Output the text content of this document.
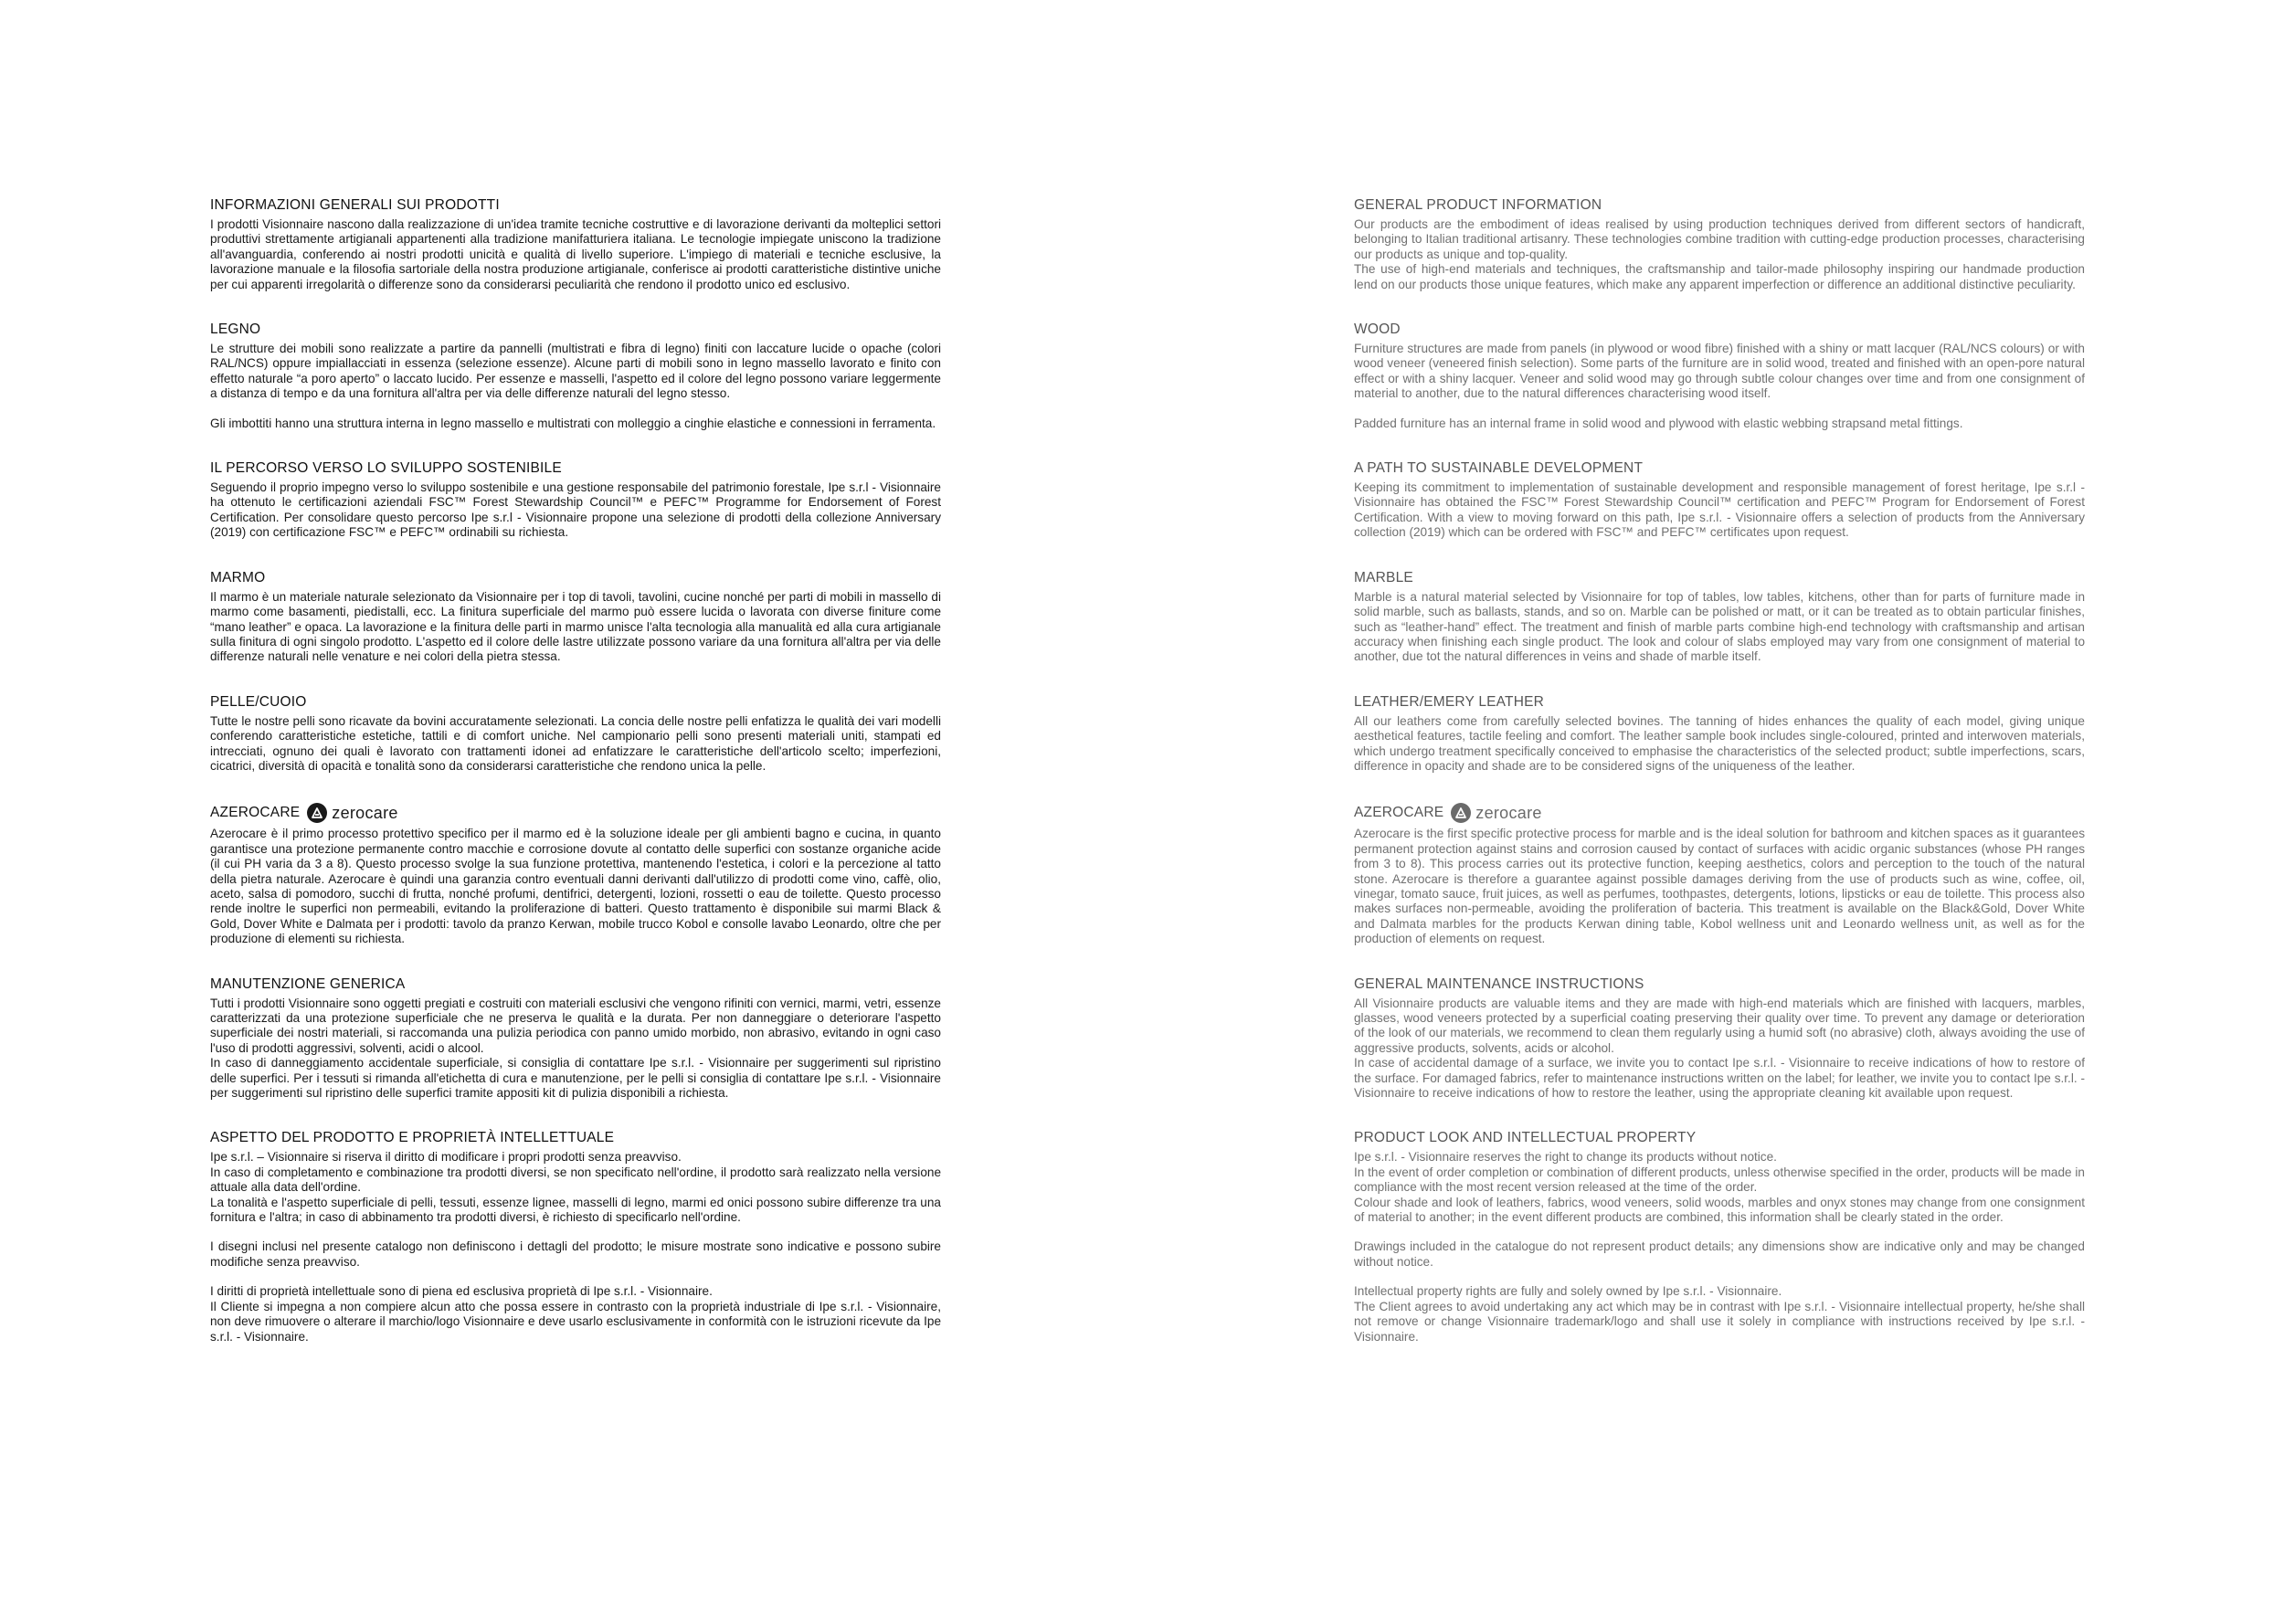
INFORMAZIONI GENERALI SUI PRODOTTI

I prodotti Visionnaire nascono dalla realizzazione di un'idea tramite tecniche costruttive e di lavorazione derivanti da molteplici settori produttivi strettamente artigianali appartenenti alla tradizione manifatturiera italiana. Le tecnologie impiegate uniscono la tradizione all'avanguardia, conferendo ai nostri prodotti unicità e qualità di livello superiore. L'impiego di materiali e tecniche esclusive, la lavorazione manuale e la filosofia sartoriale della nostra produzione artigianale, conferisce ai prodotti caratteristiche distintive uniche per cui apparenti irregolarità o differenze sono da considerarsi peculiarità che rendono il prodotto unico ed esclusivo.

LEGNO

Le strutture dei mobili sono realizzate a partire da pannelli (multistrati e fibra di legno) finiti con laccature lucide o opache (colori RAL/NCS) oppure impiallacciati in essenza (selezione essenze). Alcune parti di mobili sono in legno massello lavorato e finito con effetto naturale “a poro aperto” o laccato lucido. Per essenze e masselli, l'aspetto ed il colore del legno possono variare leggermente a distanza di tempo e da una fornitura all'altra per via delle differenze naturali del legno stesso.

Gli imbottiti hanno una struttura interna in legno massello e multistrati con molleggio a cinghie elastiche e connessioni in ferramenta.

IL PERCORSO VERSO LO SVILUPPO SOSTENIBILE

Seguendo il proprio impegno verso lo sviluppo sostenibile e una gestione responsabile del patrimonio forestale, Ipe s.r.l - Visionnaire ha ottenuto le certificazioni aziendali FSC™ Forest Stewardship Council™ e PEFC™ Programme for Endorsement of Forest Certification. Per consolidare questo percorso Ipe s.r.l - Visionnaire propone una selezione di prodotti della collezione Anniversary (2019) con certificazione FSC™ e PEFC™ ordinabili su richiesta.

MARMO

Il marmo è un materiale naturale selezionato da Visionnaire per i top di tavoli, tavolini, cucine nonché per parti di mobili in massello di marmo come basamenti, piedistalli, ecc. La finitura superficiale del marmo può essere lucida o lavorata con diverse finiture come “mano leather” e opaca. La lavorazione e la finitura delle parti in marmo unisce l'alta tecnologia alla manualità ed alla cura artigianale sulla finitura di ogni singolo prodotto. L'aspetto ed il colore delle lastre utilizzate possono variare da una fornitura all'altra per via delle differenze naturali nelle venature e nei colori della pietra stessa.

PELLE/CUOIO

Tutte le nostre pelli sono ricavate da bovini accuratamente selezionati. La concia delle nostre pelli enfatizza le qualità dei vari modelli conferendo caratteristiche estetiche, tattili e di comfort uniche. Nel campionario pelli sono presenti materiali uniti, stampati ed intrecciati, ognuno dei quali è lavorato con trattamenti idonei ad enfatizzare le caratteristiche dell'articolo scelto; imperfezioni, cicatrici, diversità di opacità e tonalità sono da considerarsi caratteristiche che rendono unica la pelle.

AZEROCARE zerocare

Azerocare è il primo processo protettivo specifico per il marmo ed è la soluzione ideale per gli ambienti bagno e cucina, in quanto garantisce una protezione permanente contro macchie e corrosione dovute al contatto delle superfici con sostanze organiche acide (il cui PH varia da 3 a 8). Questo processo svolge la sua funzione protettiva, mantenendo l'estetica, i colori e la percezione al tatto della pietra naturale. Azerocare è quindi una garanzia contro eventuali danni derivanti dall'utilizzo di prodotti come vino, caffè, olio, aceto, salsa di pomodoro, succhi di frutta, nonché profumi, dentifrici, detergenti, lozioni, rossetti o eau de toilette. Questo processo rende inoltre le superfici non permeabili, evitando la proliferazione di batteri. Questo trattamento è disponibile sui marmi Black & Gold, Dover White e Dalmata per i prodotti: tavolo da pranzo Kerwan, mobile trucco Kobol e consolle lavabo Leonardo, oltre che per produzione di elementi su richiesta.

MANUTENZIONE GENERICA

Tutti i prodotti Visionnaire sono oggetti pregiati e costruiti con materiali esclusivi che vengono rifiniti con vernici, marmi, vetri, essenze caratterizzati da una protezione superficiale che ne preserva le qualità e la durata. Per non danneggiare o deteriorare l'aspetto superficiale dei nostri materiali, si raccomanda una pulizia periodica con panno umido morbido, non abrasivo, evitando in ogni caso l'uso di prodotti aggressivi, solventi, acidi o alcool.
In caso di danneggiamento accidentale superficiale, si consiglia di contattare Ipe s.r.l. - Visionnaire per suggerimenti sul ripristino delle superfici. Per i tessuti si rimanda all'etichetta di cura e manutenzione, per le pelli si consiglia di contattare Ipe s.r.l. - Visionnaire per suggerimenti sul ripristino delle superfici tramite appositi kit di pulizia disponibili a richiesta.

ASPETTO DEL PRODOTTO E PROPRIETÀ INTELLETTUALE

Ipe s.r.l. – Visionnaire si riserva il diritto di modificare i propri prodotti senza preavviso.
In caso di completamento e combinazione tra prodotti diversi, se non specificato nell'ordine, il prodotto sarà realizzato nella versione attuale alla data dell'ordine.
La tonalità e l'aspetto superficiale di pelli, tessuti, essenze lignee, masselli di legno, marmi ed onici possono subire differenze tra una fornitura e l'altra; in caso di abbinamento tra prodotti diversi, è richiesto di specificarlo nell'ordine.

I disegni inclusi nel presente catalogo non definiscono i dettagli del prodotto; le misure mostrate sono indicative e possono subire modifiche senza preavviso.

I diritti di proprietà intellettuale sono di piena ed esclusiva proprietà di Ipe s.r.l. - Visionnaire.
Il Cliente si impegna a non compiere alcun atto che possa essere in contrasto con la proprietà industriale di Ipe s.r.l. - Visionnaire, non deve rimuovere o alterare il marchio/logo Visionnaire e deve usarlo esclusivamente in conformità con le istruzioni ricevute da Ipe s.r.l. - Visionnaire.

GENERAL PRODUCT INFORMATION

Our products are the embodiment of ideas realised by using production techniques derived from different sectors of handicraft, belonging to Italian traditional artisanry. These technologies combine tradition with cutting-edge production processes, characterising our products as unique and top-quality.
The use of high-end materials and techniques, the craftsmanship and tailor-made philosophy inspiring our handmade production lend on our products those unique features, which make any apparent imperfection or difference an additional distinctive peculiarity.

WOOD

Furniture structures are made from panels (in plywood or wood fibre) finished with a shiny or matt lacquer (RAL/NCS colours) or with wood veneer (veneered finish selection). Some parts of the furniture are in solid wood, treated and finished with an open-pore natural effect or with a shiny lacquer. Veneer and solid wood may go through subtle colour changes over time and from one consignment of material to another, due to the natural differences characterising wood itself.

Padded furniture has an internal frame in solid wood and plywood with elastic webbing strapsand metal fittings.

A PATH TO SUSTAINABLE DEVELOPMENT

Keeping its commitment to implementation of sustainable development and responsible management of forest heritage, Ipe s.r.l - Visionnaire has obtained the FSC™ Forest Stewardship Council™ certification and PEFC™ Program for Endorsement of Forest Certification. With a view to moving forward on this path, Ipe s.r.l. - Visionnaire offers a selection of products from the Anniversary collection (2019) which can be ordered with FSC™ and PEFC™ certificates upon request.

MARBLE

Marble is a natural material selected by Visionnaire for top of tables, low tables, kitchens, other than for parts of furniture made in solid marble, such as ballasts, stands, and so on. Marble can be polished or matt, or it can be treated as to obtain particular finishes, such as “leather-hand” effect. The treatment and finish of marble parts combine high-end technology with craftsmanship and artisan accuracy when finishing each single product. The look and colour of slabs employed may vary from one consignment of material to another, due tot the natural differences in veins and shade of marble itself.

LEATHER/EMERY LEATHER

All our leathers come from carefully selected bovines. The tanning of hides enhances the quality of each model, giving unique aesthetical features, tactile feeling and comfort. The leather sample book includes single-coloured, printed and interwoven materials, which undergo treatment specifically conceived to emphasise the characteristics of the selected product; subtle imperfections, scars, difference in opacity and shade are to be considered signs of the uniqueness of the leather.

AZEROCARE zerocare

Azerocare is the first specific protective process for marble and is the ideal solution for bathroom and kitchen spaces as it guarantees permanent protection against stains and corrosion caused by contact of surfaces with acidic organic substances (whose PH ranges from 3 to 8). This process carries out its protective function, keeping aesthetics, colors and perception to the touch of the natural stone. Azerocare is therefore a guarantee against possible damages deriving from the use of products such as wine, coffee, oil, vinegar, tomato sauce, fruit juices, as well as perfumes, toothpastes, detergents, lotions, lipsticks or eau de toilette. This process also makes surfaces non-permeable, avoiding the proliferation of bacteria. This treatment is available on the Black&Gold, Dover White and Dalmata marbles for the products Kerwan dining table, Kobol wellness unit and Leonardo wellness unit, as well as for the production of elements on request.

GENERAL MAINTENANCE INSTRUCTIONS

All Visionnaire products are valuable items and they are made with high-end materials which are finished with lacquers, marbles, glasses, wood veneers protected by a superficial coating preserving their quality over time. To prevent any damage or deterioration of the look of our materials, we recommend to clean them regularly using a humid soft (no abrasive) cloth, always avoiding the use of aggressive products, solvents, acids or alcohol.
In case of accidental damage of a surface, we invite you to contact Ipe s.r.l. - Visionnaire to receive indications of how to restore of the surface. For damaged fabrics, refer to maintenance instructions written on the label; for leather, we invite you to contact Ipe s.r.l. - Visionnaire to receive indications of how to restore the leather, using the appropriate cleaning kit available upon request.

PRODUCT LOOK AND INTELLECTUAL PROPERTY

Ipe s.r.l. - Visionnaire reserves the right to change its products without notice.
In the event of order completion or combination of different products, unless otherwise specified in the order, products will be made in compliance with the most recent version released at the time of the order.
Colour shade and look of leathers, fabrics, wood veneers, solid woods, marbles and onyx stones may change from one consignment of material to another; in the event different products are combined, this information shall be clearly stated in the order.

Drawings included in the catalogue do not represent product details; any dimensions show are indicative only and may be changed without notice.

Intellectual property rights are fully and solely owned by Ipe s.r.l. - Visionnaire.
The Client agrees to avoid undertaking any act which may be in contrast with Ipe s.r.l. - Visionnaire intellectual property, he/she shall not remove or change Visionnaire trademark/logo and shall use it solely in compliance with instructions received by Ipe s.r.l. - Visionnaire.
